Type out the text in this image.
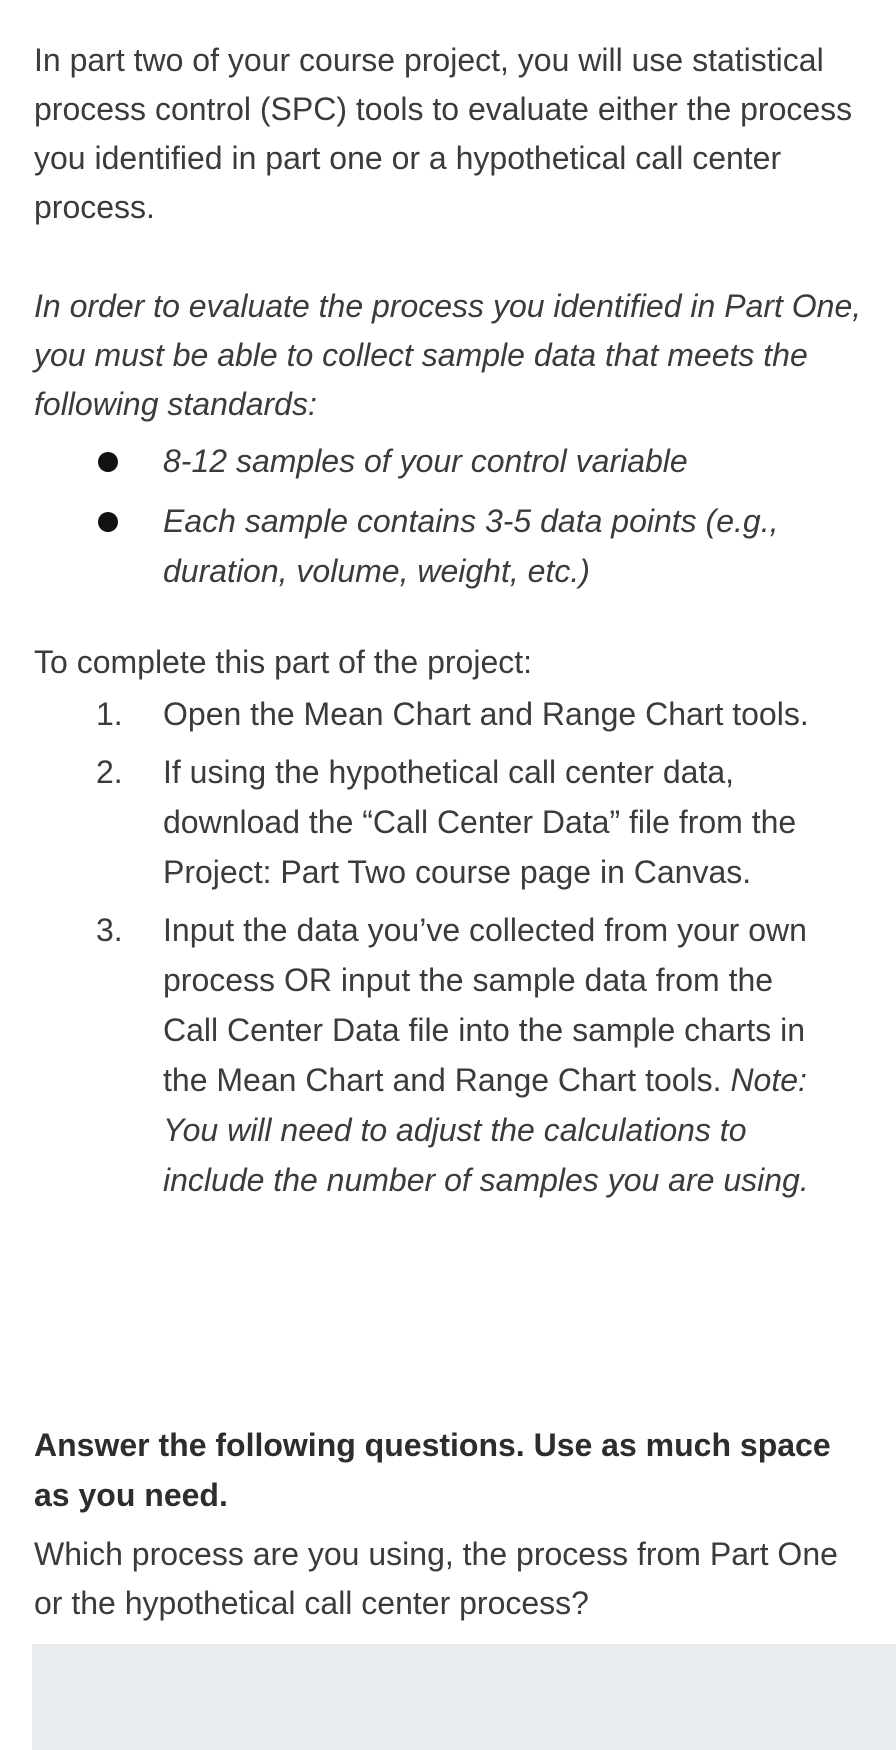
In part two of your course project, you will use statistical process control (SPC) tools to evaluate either the process you identified in part one or a hypothetical call center process.

In order to evaluate the process you identified in Part One, you must be able to collect sample data that meets the following standards:

8-12 samples of your control variable
Each sample contains 3-5 data points (e.g., duration, volume, weight, etc.)

To complete this part of the project:

1. Open the Mean Chart and Range Chart tools.
2. If using the hypothetical call center data, download the “Call Center Data” file from the Project: Part Two course page in Canvas.
3. Input the data you’ve collected from your own process OR input the sample data from the Call Center Data file into the sample charts in the Mean Chart and Range Chart tools. Note: You will need to adjust the calculations to include the number of samples you are using.

Answer the following questions. Use as much space as you need.

Which process are you using, the process from Part One or the hypothetical call center process?
